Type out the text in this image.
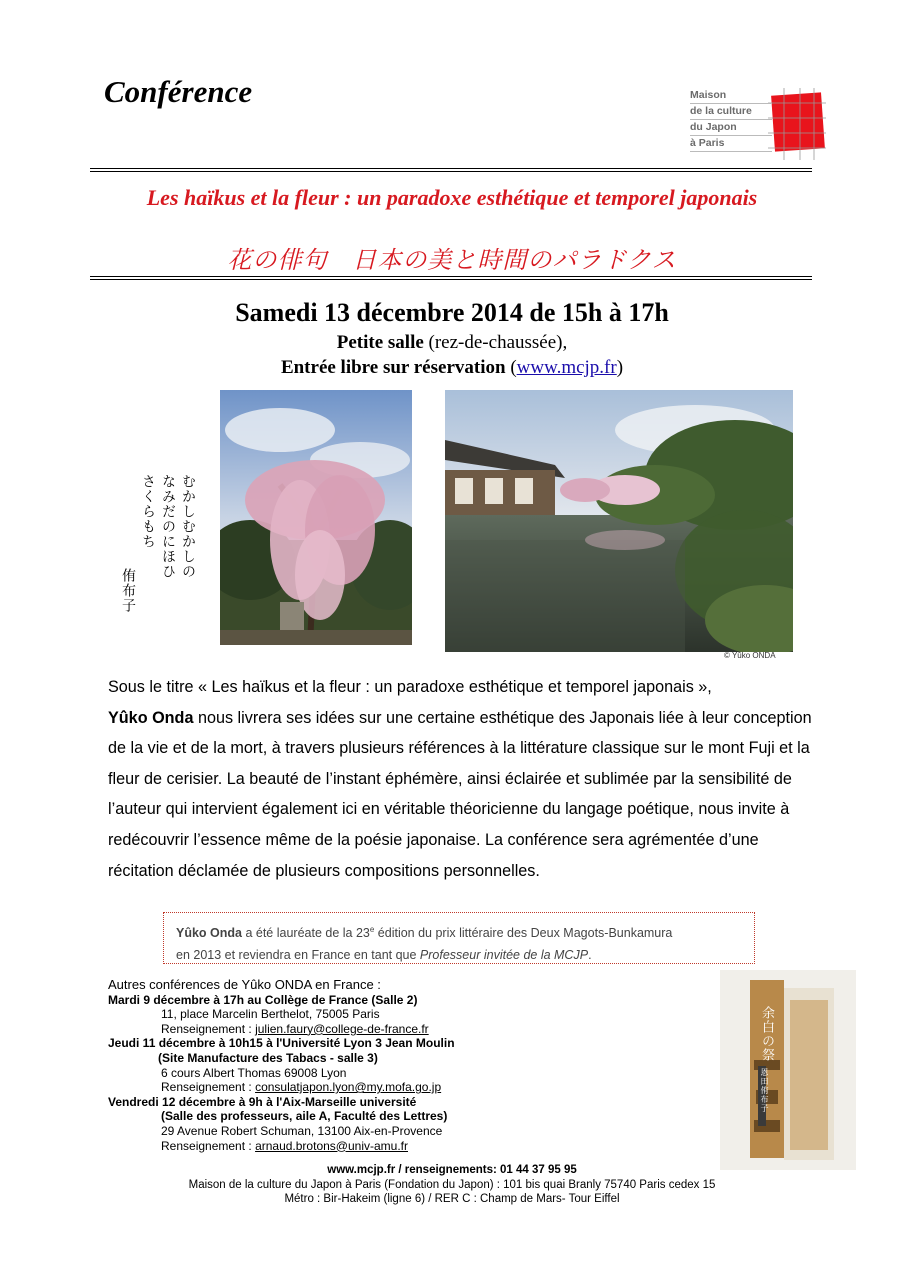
Conférence	Maison
de la culture
du Japon
à Paris
Les haïkus et la fleur : un paradoxe esthétique et temporel japonais
花の俳句　日本の美と時間のパラドクス
Samedi 13 décembre 2014 de 15h à 17h
Petite salle (rez-de-chaussée),
Entrée libre sur réservation (www.mcjp.fr)
むかしむかしの
なみだのにほひ
さくらもち
侑布子
© Yûko ONDA
Sous le titre « Les haïkus et la fleur : un paradoxe esthétique et temporel japonais »,
Yûko Onda nous livrera ses idées sur une certaine esthétique des Japonais liée à leur conception de la vie et de la mort, à travers plusieurs références à la littérature classique sur le mont Fuji et la fleur de cerisier. La beauté de l’instant éphémère, ainsi éclairée et sublimée par la sensibilité de l’auteur qui intervient également ici en véritable théoricienne du langage poétique, nous invite à redécouvrir l’essence même de la poésie japonaise. La conférence sera agrémentée d’une récitation déclamée de plusieurs compositions personnelles.
Yûko Onda a été lauréate de la 23e édition du prix littéraire des Deux Magots-Bunkamura
en 2013 et reviendra en France en tant que Professeur invitée de la MCJP.
Autres conférences de Yûko ONDA en France :
Mardi 9 décembre à 17h au Collège de France (Salle 2)
11, place Marcelin Berthelot, 75005 Paris
Renseignement : julien.faury@college-de-france.fr
Jeudi 11 décembre à 10h15 à l'Université Lyon 3 Jean Moulin
(Site Manufacture des Tabacs - salle 3)
6 cours Albert Thomas 69008 Lyon
Renseignement : consulatjapon.lyon@my.mofa.go.jp
Vendredi 12 décembre à 9h à l'Aix-Marseille université
(Salle des professeurs, aile A, Faculté des Lettres)
29 Avenue Robert Schuman, 13100 Aix-en-Provence
Renseignement : arnaud.brotons@univ-amu.fr
余白の祭
恩田侑布子
www.mcjp.fr / renseignements: 01 44 37 95 95
Maison de la culture du Japon à Paris (Fondation du Japon) : 101 bis quai Branly 75740 Paris cedex 15
Métro : Bir-Hakeim (ligne 6) / RER C : Champ de Mars- Tour Eiffel
